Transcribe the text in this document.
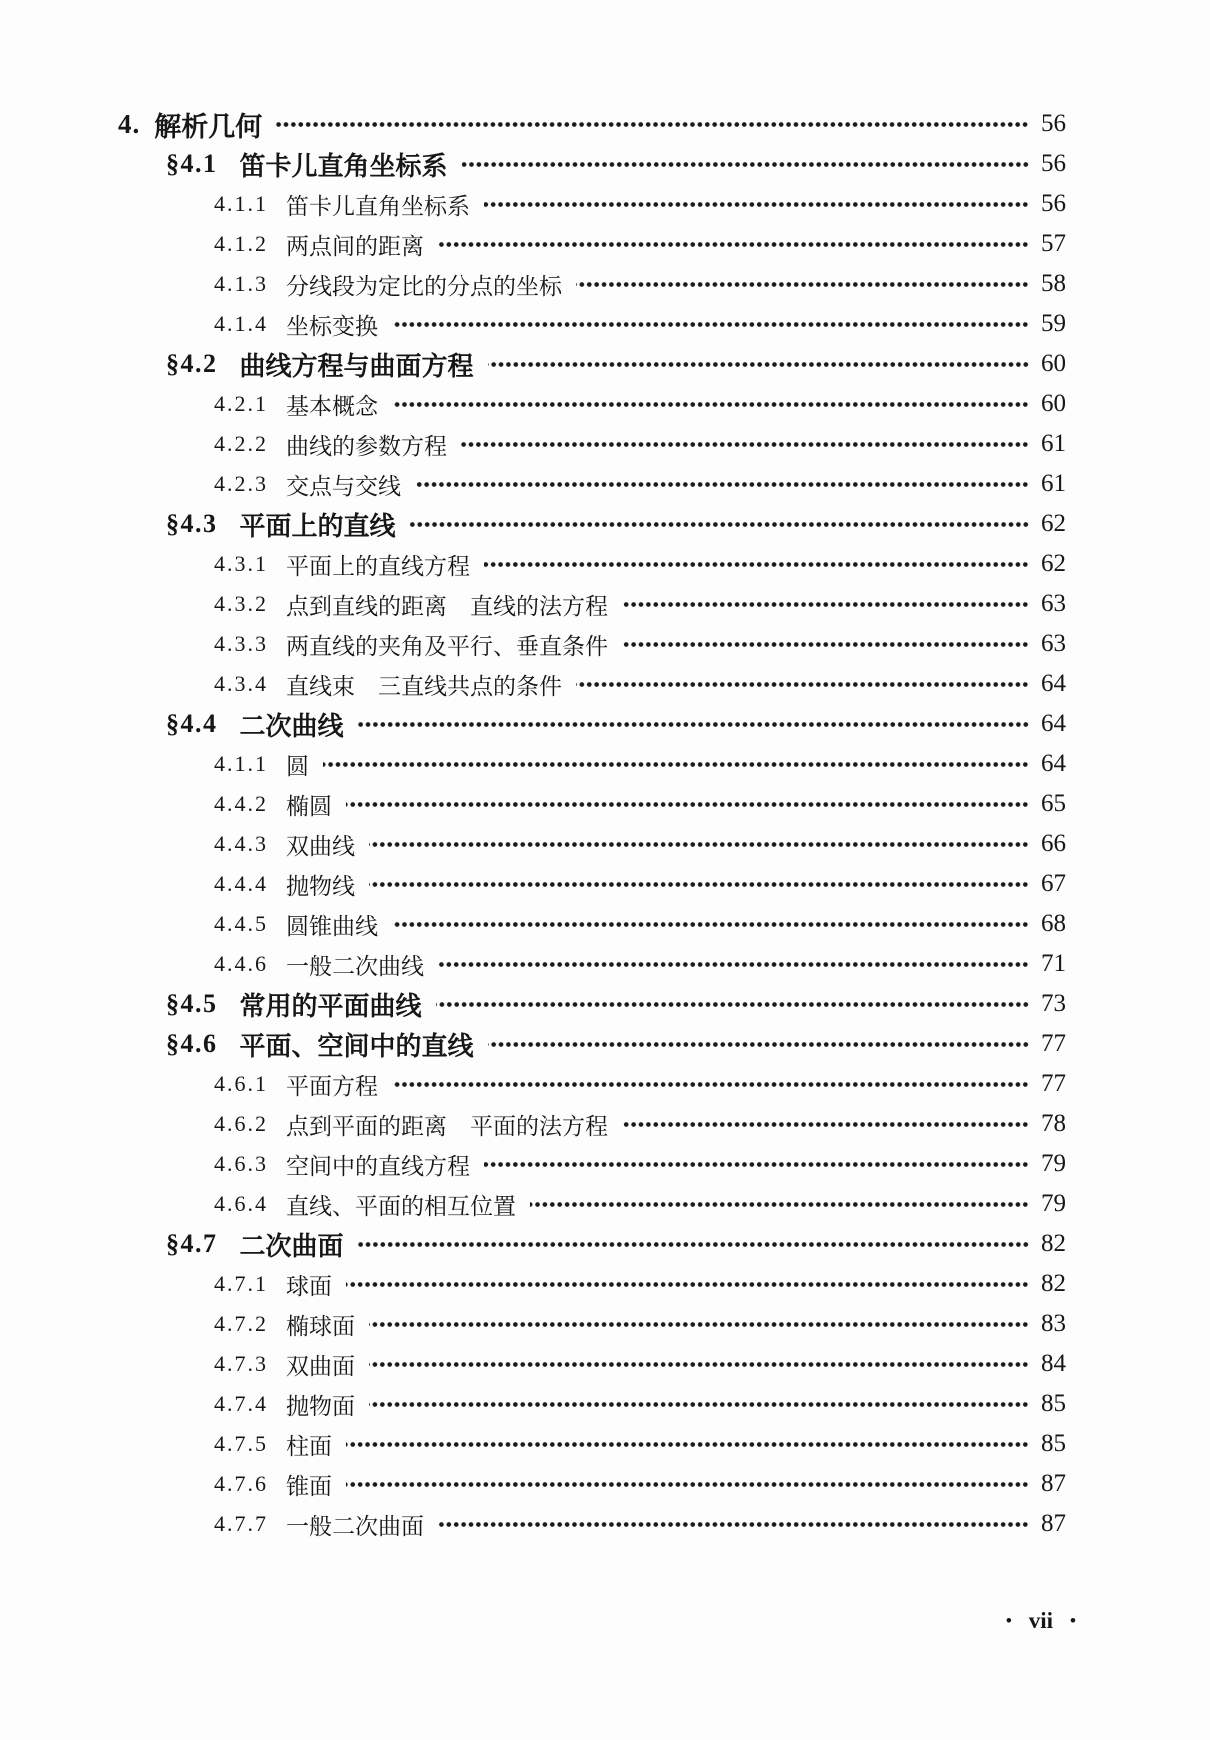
4. 解析几何	56
§4.1 笛卡儿直角坐标系	56
4.1.1 笛卡儿直角坐标系	56
4.1.2 两点间的距离	57
4.1.3 分线段为定比的分点的坐标	58
4.1.4 坐标变换	59
§4.2 曲线方程与曲面方程	60
4.2.1 基本概念	60
4.2.2 曲线的参数方程	61
4.2.3 交点与交线	61
§4.3 平面上的直线	62
4.3.1 平面上的直线方程	62
4.3.2 点到直线的距离　直线的法方程	63
4.3.3 两直线的夹角及平行、垂直条件	63
4.3.4 直线束　三直线共点的条件	64
§4.4 二次曲线	64
4.1.1 圆	64
4.4.2 椭圆	65
4.4.3 双曲线	66
4.4.4 抛物线	67
4.4.5 圆锥曲线	68
4.4.6 一般二次曲线	71
§4.5 常用的平面曲线	73
§4.6 平面、空间中的直线	77
4.6.1 平面方程	77
4.6.2 点到平面的距离　平面的法方程	78
4.6.3 空间中的直线方程	79
4.6.4 直线、平面的相互位置	79
§4.7 二次曲面	82
4.7.1 球面	82
4.7.2 椭球面	83
4.7.3 双曲面	84
4.7.4 抛物面	85
4.7.5 柱面	85
4.7.6 锥面	87
4.7.7 一般二次曲面	87
• vii •
